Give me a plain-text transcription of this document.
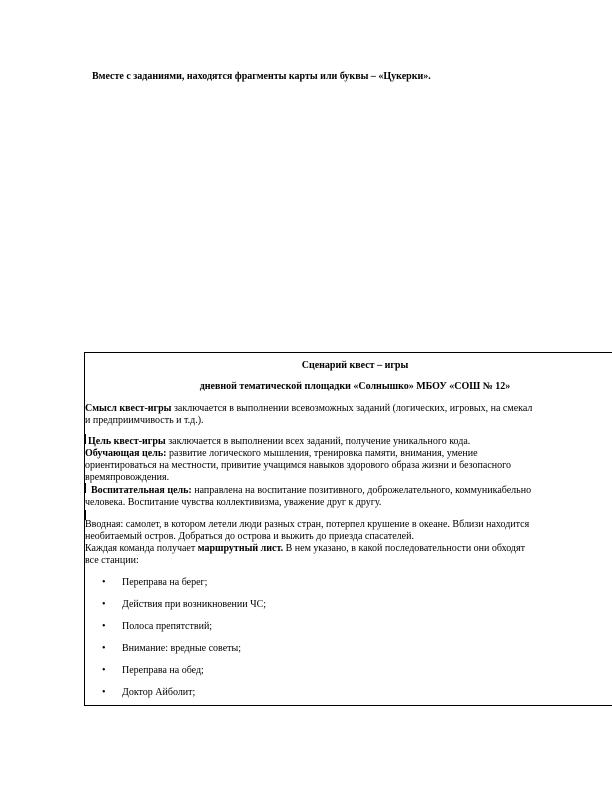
Вместе с заданиями, находятся фрагменты карты или буквы – «Цукерки».
Сценарий квест – игры
дневной тематической площадки «Солнышко» МБОУ «СОШ № 12»
Смысл квест-игры заключается в выполнении всевозможных заданий (логических, игровых, на смекал
и предприимчивость и т.д.).
Цель квест-игры заключается в выполнении всех заданий, получение уникального кода.
Обучающая цель: развитие логического мышления, тренировка памяти, внимания, умение
ориентироваться на местности, привитие учащимся навыков здорового образа жизни и безопасного
времяпровождения.
Воспитательная цель: направлена на воспитание позитивного, доброжелательного, коммуникабельно
человека. Воспитание чувства коллективизма, уважение друг к другу.
Вводная: самолет, в котором летели люди разных стран, потерпел крушение в океане. Вблизи находится
необитаемый остров. Добраться до острова и выжить до приезда спасателей.
Каждая команда получает маршрутный лист. В нем указано, в какой последовательности они обходят
все станции:
• Переправа на берег;
• Действия при возникновении ЧС;
• Полоса препятствий;
• Внимание: вредные советы;
• Переправа на обед;
• Доктор Айболит;
